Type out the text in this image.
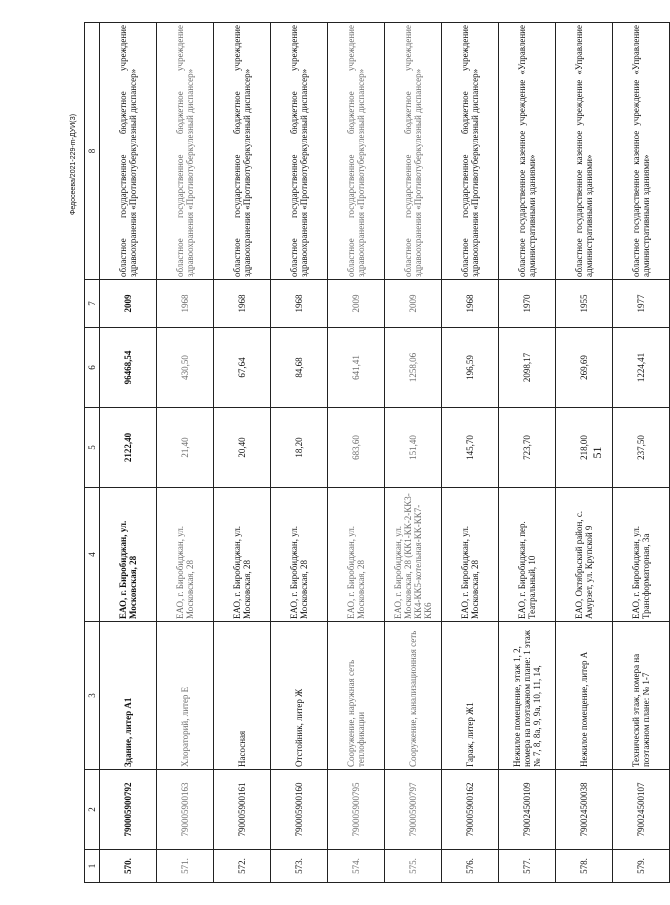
51
Федосеева/2021-229-m-ДУИ(З)
1	2	3	4	5	6	7	8
570.	790005900792	Здание, литер А1	ЕАО, г. Биробиджан, ул. Московская, 28	2122,40	96468,54	2009	областное государственное бюджетное учреждение здравоохранения «Противотуберкулезный диспансер»
571.	790005900163	Хлораторий, литер Е	ЕАО, г. Биробиджан, ул. Московская, 28	21,40	430,50	1968	областное государственное бюджетное учреждение здравоохранения «Противотуберкулезный диспансер»
572.	790005900161	Насосная	ЕАО, г. Биробиджан, ул. Московская, 28	20,40	67,64	1968	областное государственное бюджетное учреждение здравоохранения «Противотуберкулезный диспансер»
573.	790005900160	Отстойник, литер Ж	ЕАО, г. Биробиджан, ул. Московская, 28	18,20	84,68	1968	областное государственное бюджетное учреждение здравоохранения «Противотуберкулезный диспансер»
574.	790005900795	Сооружение, наружная сеть теплофикации	ЕАО, г. Биробиджан, ул. Московская, 28	683,60	641,41	2009	областное государственное бюджетное учреждение здравоохранения «Противотуберкулезный диспансер»
575.	790005900797	Сооружение, канализационная сеть	ЕАО, г. Биробиджан, ул. Московская, 28 (КК1-КК-2-КК3-КК4-КК5-котельная-КК-КК7-КК6	151,40	1258,06	2009	областное государственное бюджетное учреждение здравоохранения «Противотуберкулезный диспансер»
576.	790005900162	Гараж, литер Ж1	ЕАО, г. Биробиджан, ул. Московская, 28	145,70	196,59	1968	областное государственное бюджетное учреждение здравоохранения «Противотуберкулезный диспансер»
577.	790024500109	Нежилое помещение, этаж 1, 2, номера на поэтажном плане: 1 этаж № 7, 8, 8а, 9, 9а, 10, 11, 14,	ЕАО, г. Биробиджан, пер. Театральный, 10	723,70	2098,17	1970	областное государственное казенное учреждение «Управление административными зданиями»
578.	790024500038	Нежилое помещение, литер А	ЕАО, Октябрьский район, с. Амурзет, ул. Крупской 9	218,00	269,69	1955	областное государственное казенное учреждение «Управление административными зданиями»
579.	790024500107	Технический этаж, номера на поэтажном плане: № 1-7	ЕАО, г. Биробиджан, ул. Трансформаторная, 3а	237,50	1224,41	1977	областное государственное казенное учреждение «Управление административными зданиями»
